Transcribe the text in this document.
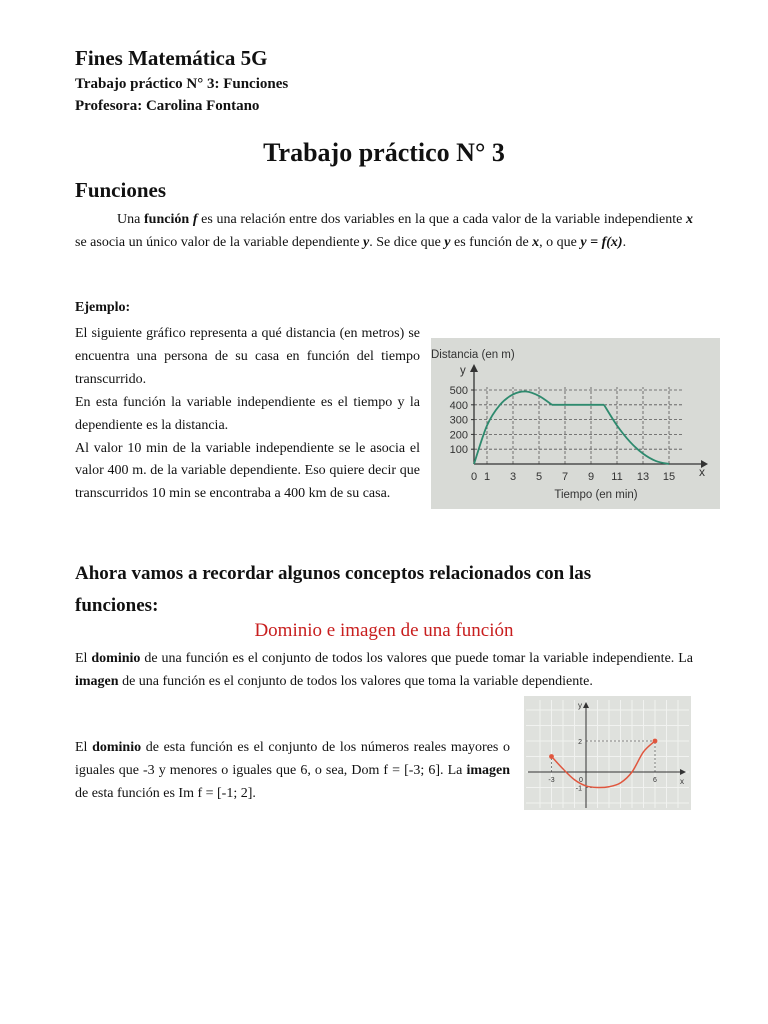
Fines Matemática 5G
Trabajo práctico N° 3: Funciones
Profesora: Carolina Fontano
Trabajo práctico N° 3
Funciones
Una función f es una relación entre dos variables en la que a cada valor de la variable independiente x se asocia un único valor de la variable dependiente y. Se dice que y es función de x, o que y = f(x).
Ejemplo:

El siguiente gráfico representa a qué distancia (en metros) se encuentra una persona de su casa en función del tiempo transcurrido.

En esta función la variable independiente es el tiempo y la dependiente es la distancia.

Al valor 10 min de la variable independiente se le asocia el valor 400 m. de la variable dependiente. Eso quiere decir que transcurridos 10 min se encontraba a 400 km de su casa.

100
200
300
400
500
0 1 3 5 7 9 11 13 15
Distancia (en m)
y
x
Tiempo (en min)
Ahora vamos a recordar algunos conceptos relacionados con las funciones:
Dominio e imagen de una función
El dominio de una función es el conjunto de todos los valores que puede tomar la variable independiente. La imagen de una función es el conjunto de todos los valores que toma la variable dependiente.
El dominio de esta función es el conjunto de los números reales mayores o iguales que -3 y menores o iguales que 6, o sea, Dom f = [-3; 6]. La imagen de esta función es Im f = [-1; 2].
y
x
-3	0	6
2
-1
